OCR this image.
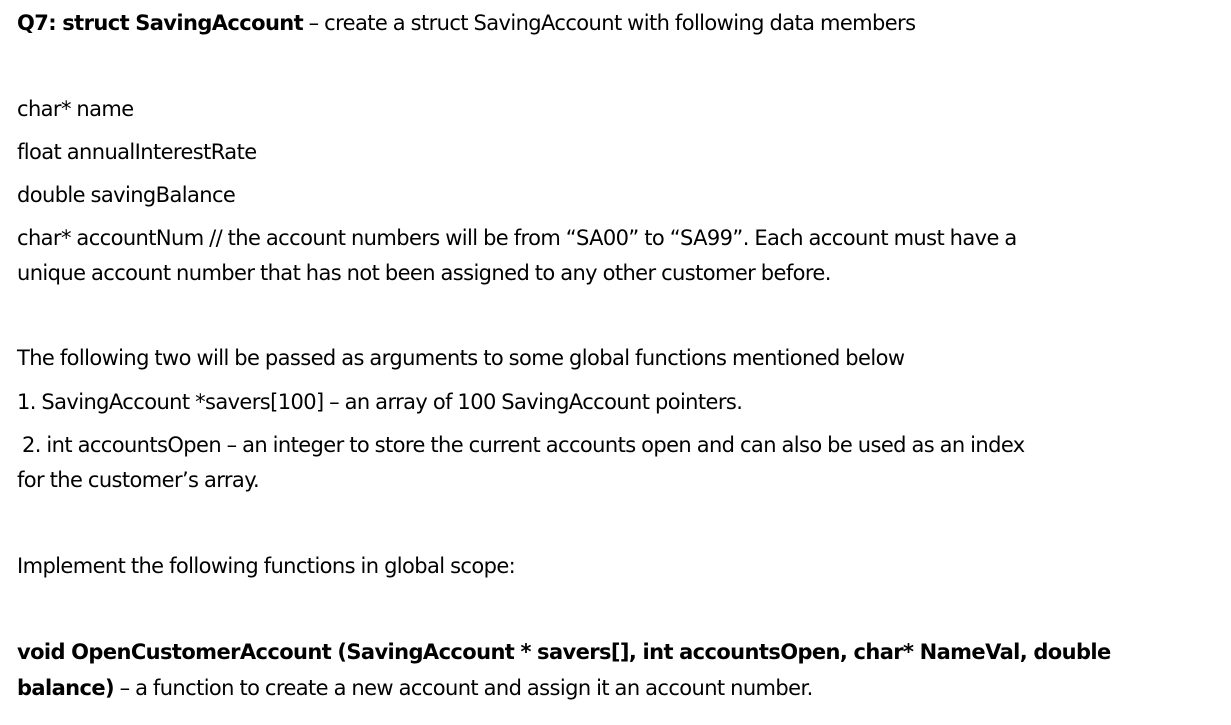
Q7: struct SavingAccount – create a struct SavingAccount with following data members
char* name
float annualInterestRate
double savingBalance
char* accountNum // the account numbers will be from “SA00” to “SA99”. Each account must have a
unique account number that has not been assigned to any other customer before.
The following two will be passed as arguments to some global functions mentioned below
1. SavingAccount *savers[100] – an array of 100 SavingAccount pointers.
2. int accountsOpen – an integer to store the current accounts open and can also be used as an index
for the customer’s array.
Implement the following functions in global scope:
void OpenCustomerAccount (SavingAccount * savers[], int accountsOpen, char* NameVal, double
balance) – a function to create a new account and assign it an account number.
